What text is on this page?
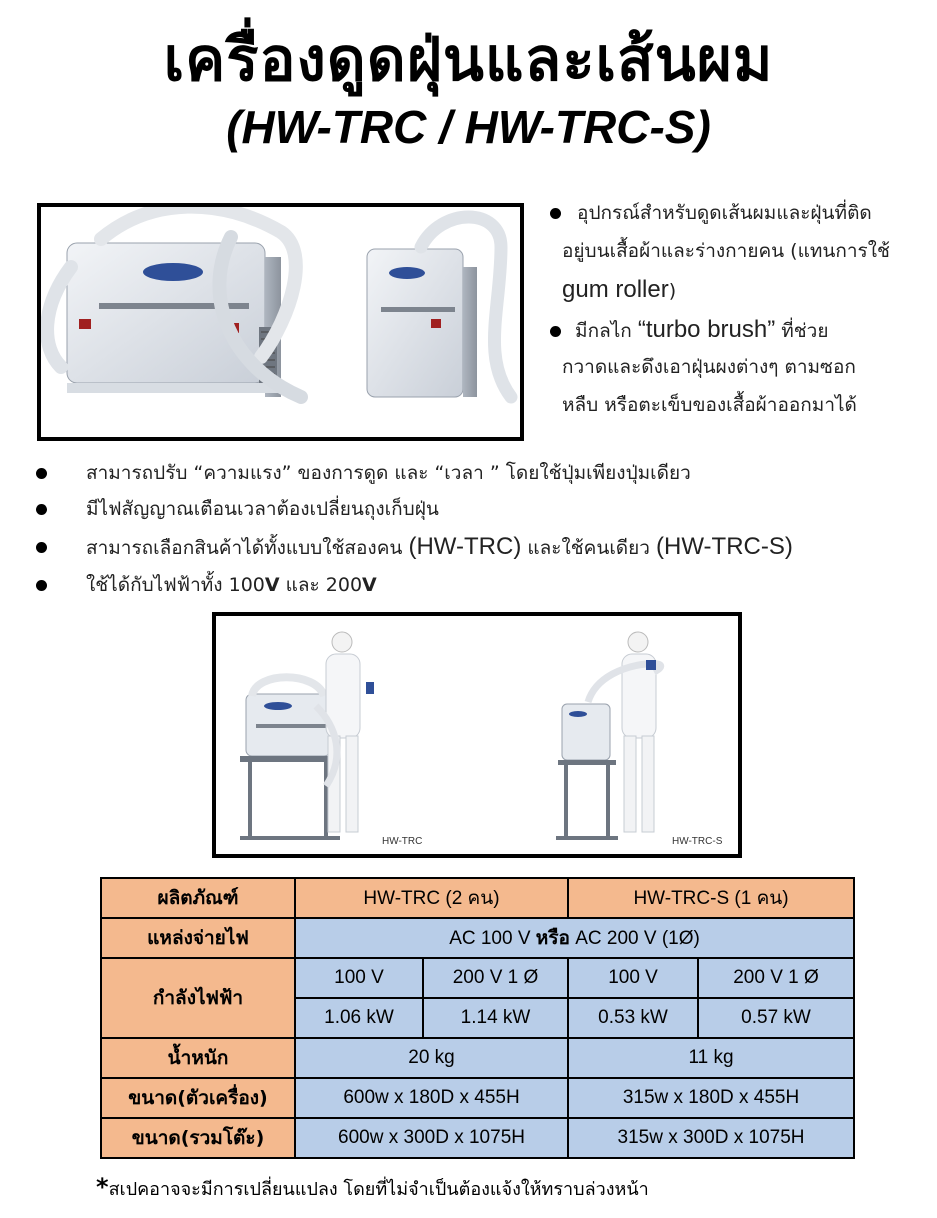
เครื่องดูดฝุ่นและเส้นผม
(HW-TRC / HW-TRC-S)
อุปกรณ์สำหรับดูดเส้นผมและฝุ่นที่ติด
อยู่บนเสื้อผ้าและร่างกายคน (แทนการใช้
gum roller)
มีกลไก “turbo brush” ที่ช่วย
กวาดและดึงเอาฝุ่นผงต่างๆ ตามซอก
หลืบ หรือตะเข็บของเสื้อผ้าออกมาได้
สามารถปรับ “ความแรง” ของการดูด และ “เวลา ” โดยใช้ปุ่มเพียงปุ่มเดียว
มีไฟสัญญาณเตือนเวลาต้องเปลี่ยนถุงเก็บฝุ่น
สามารถเลือกสินค้าได้ทั้งแบบใช้สองคน (HW-TRC) และใช้คนเดียว (HW-TRC-S)
ใช้ได้กับไฟฟ้าทั้ง 100V และ 200V
HW-TRC	HW-TRC-S
ผลิตภัณฑ์	HW-TRC (2 คน)		HW-TRC-S (1 คน)	
แหล่งจ่ายไฟ	AC 100 V หรือ AC 200 V (1Ø)			
กำลังไฟฟ้า	100 V	200 V 1 Ø	100 V	200 V 1 Ø
	1.06 kW	1.14 kW	0.53 kW	0.57 kW
น้ำหนัก	20 kg		11 kg	
ขนาด(ตัวเครื่อง)	600w x 180D x 455H		315w x 180D x 455H	
ขนาด(รวมโต๊ะ)	600w x 300D x 1075H		315w x 300D x 1075H	
*สเปคอาจจะมีการเปลี่ยนแปลง โดยที่ไม่จำเป็นต้องแจ้งให้ทราบล่วงหน้า
